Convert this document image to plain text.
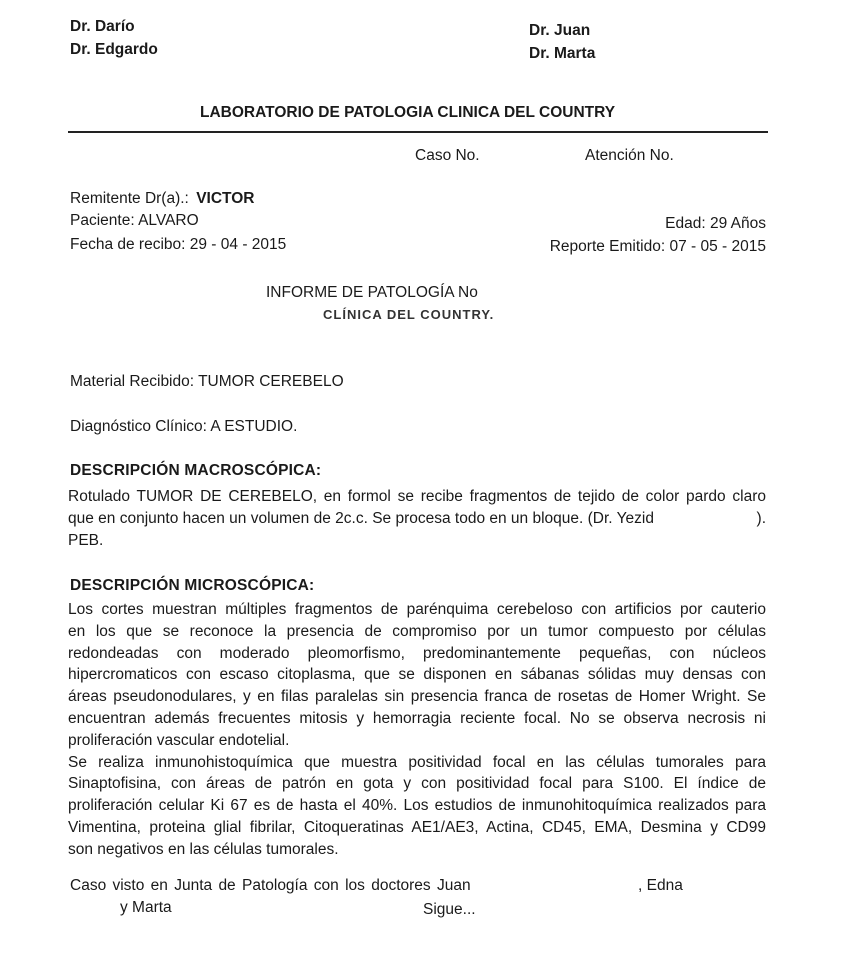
Dr. Darío
Dr. Edgardo
Dr. Juan
Dr. Marta
LABORATORIO DE PATOLOGIA CLINICA DEL COUNTRY
Caso No.	Atención No.
Remitente Dr(a).: VICTOR
Paciente: ALVARO
Fecha de recibo: 29 - 04 - 2015
Edad: 29 Años
Reporte Emitido: 07 - 05 - 2015
INFORME DE PATOLOGÍA No
CLÍNICA DEL COUNTRY.
Material Recibido: TUMOR CEREBELO
Diagnóstico Clínico: A ESTUDIO.
DESCRIPCIÓN MACROSCÓPICA:
Rotulado TUMOR DE CEREBELO, en formol se recibe fragmentos de tejido de color pardo claro
que en conjunto hacen un volumen de 2c.c. Se procesa todo en un bloque. (Dr. Yezid	).
PEB.
DESCRIPCIÓN MICROSCÓPICA:
Los cortes muestran múltiples fragmentos de parénquima cerebeloso con artificios por cauterio
en los que se reconoce la presencia de compromiso por un tumor compuesto por células
redondeadas con moderado pleomorfismo, predominantemente pequeñas, con núcleos
hipercromaticos con escaso citoplasma, que se disponen en sábanas sólidas muy densas con
áreas pseudonodulares, y en filas paralelas sin presencia franca de rosetas de Homer Wright. Se
encuentran además frecuentes mitosis y hemorragia reciente focal. No se observa necrosis ni
proliferación vascular endotelial.
Se realiza inmunohistoquímica que muestra positividad focal en las células tumorales para
Sinaptofisina, con áreas de patrón en gota y con positividad focal para S100. El índice de
proliferación celular Ki 67 es de hasta el 40%. Los estudios de inmunohitoquímica realizados para
Vimentina, proteina glial fibrilar, Citoqueratinas AE1/AE3, Actina, CD45, EMA, Desmina y CD99
son negativos en las células tumorales.
Caso visto en Junta de Patología con los doctores Juan	, Edna
y Marta	Sigue...
